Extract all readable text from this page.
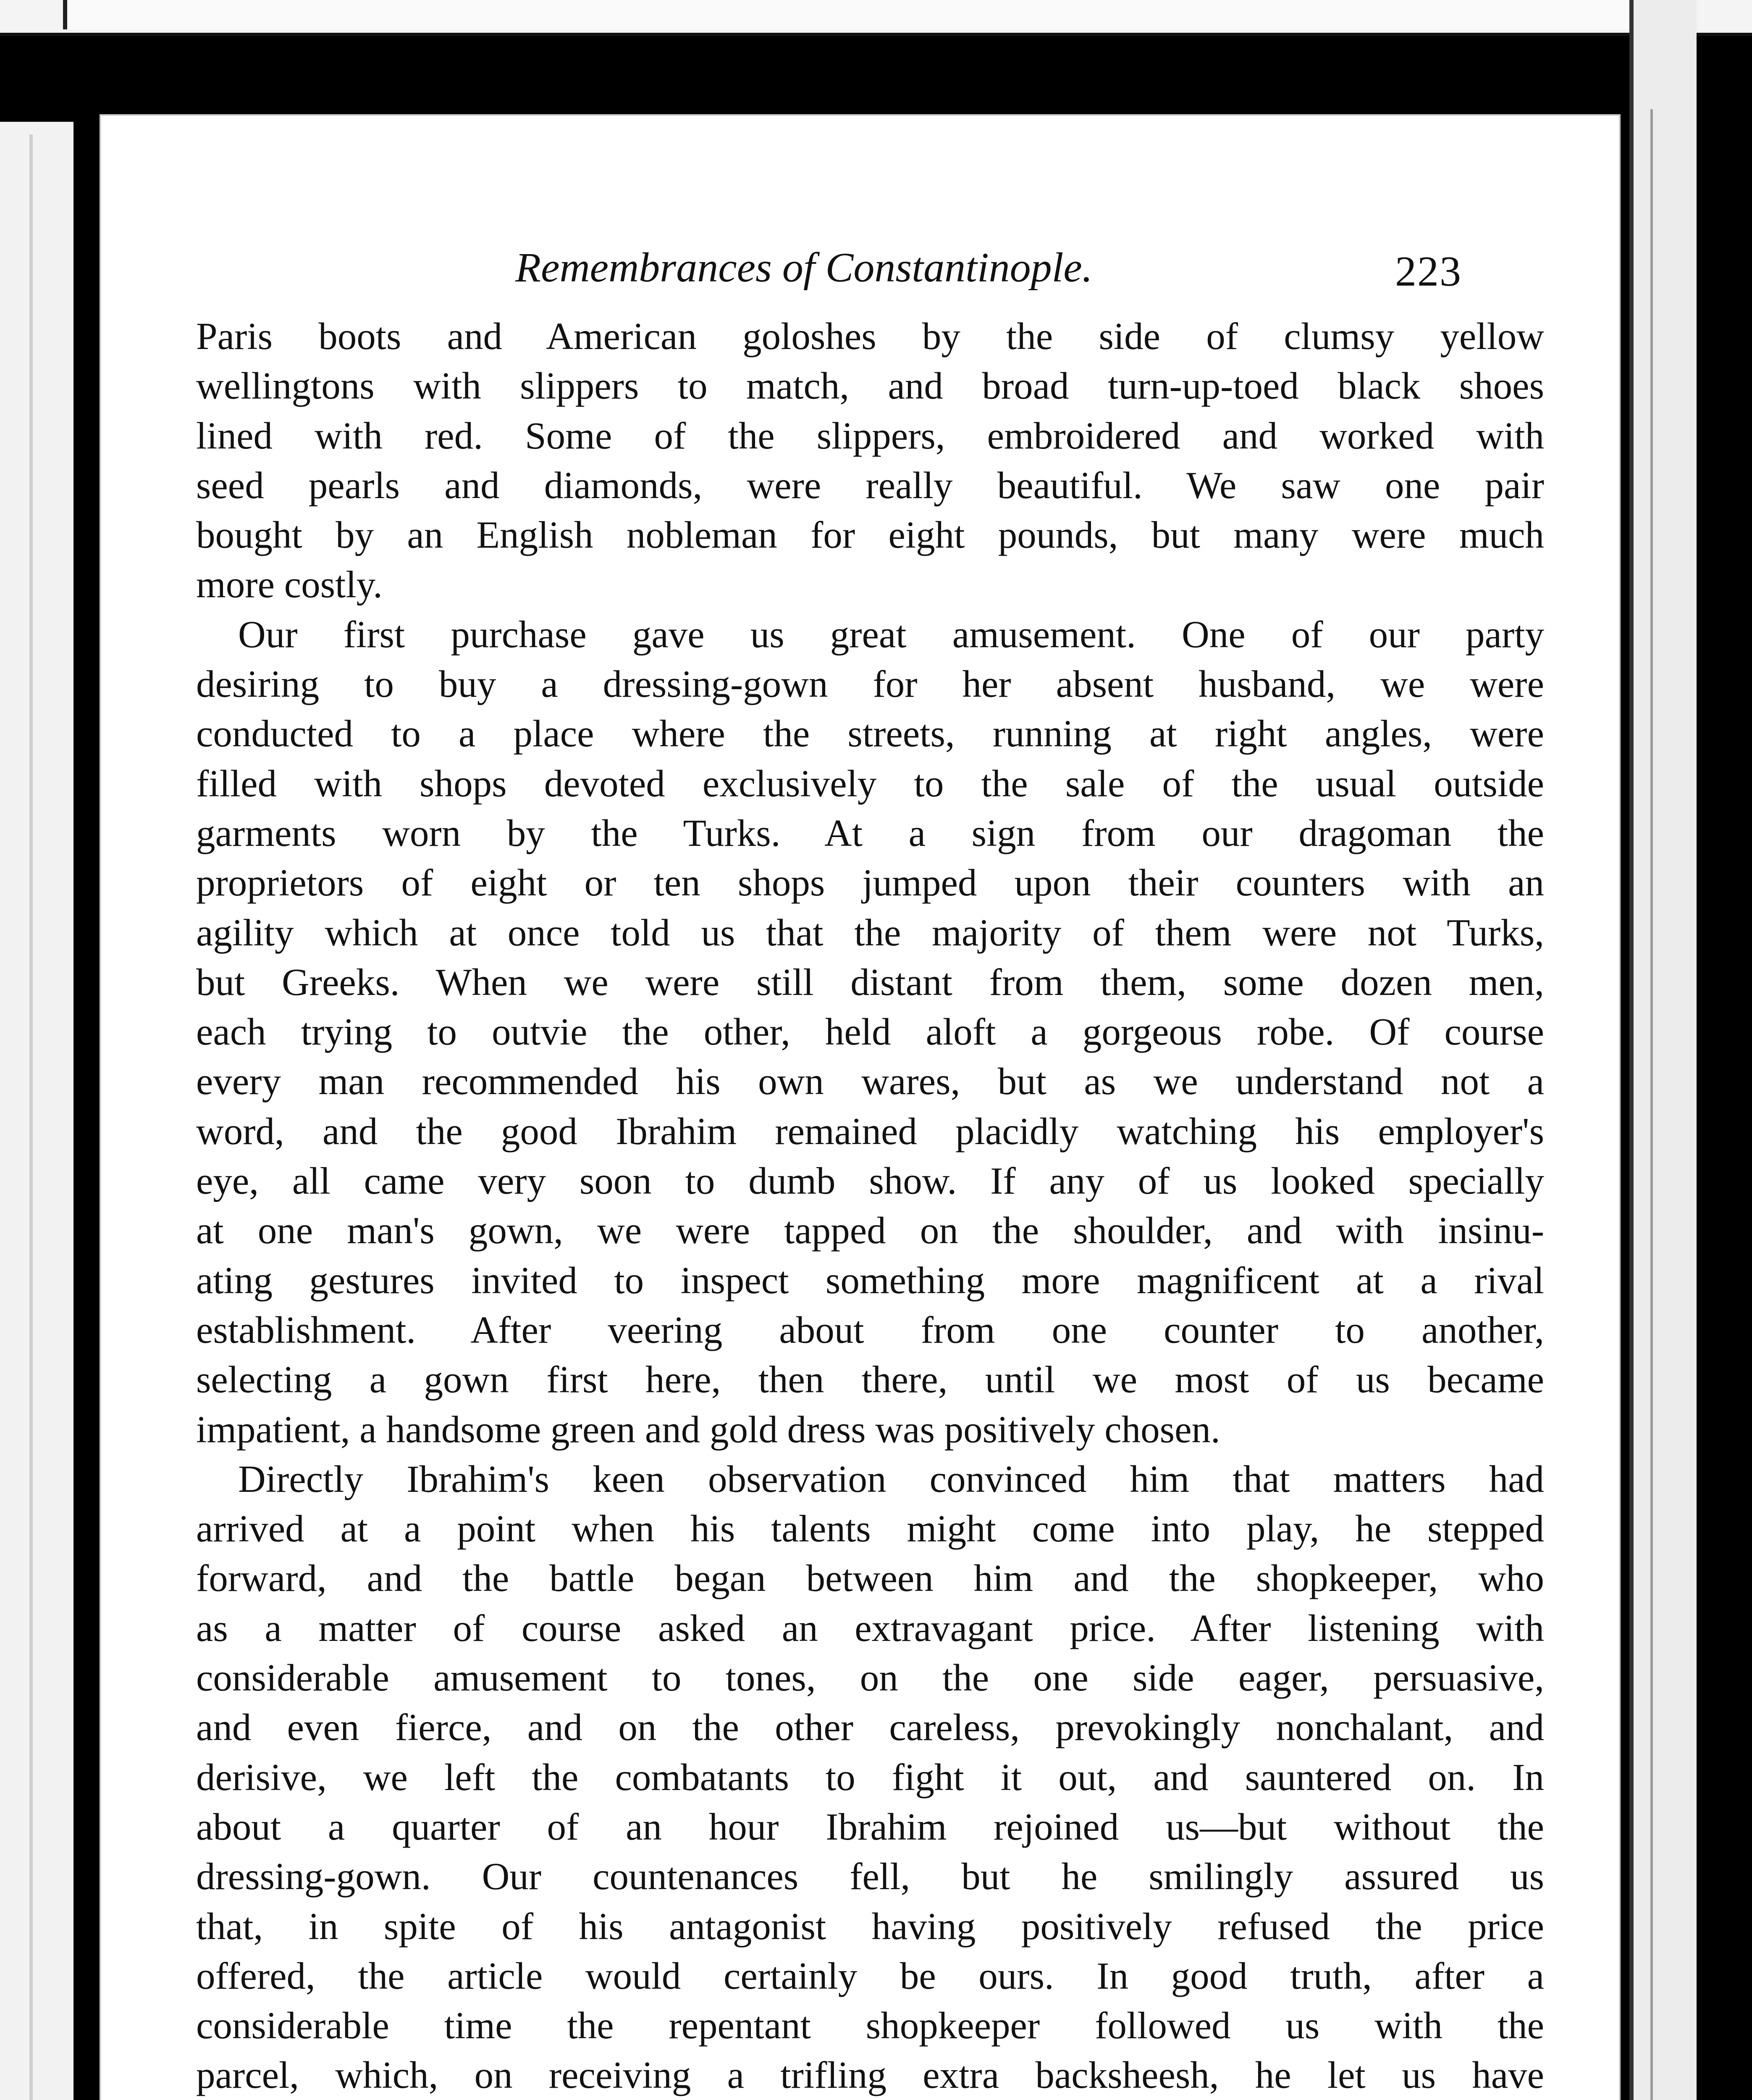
Remembrances of Constantinople.	223

Paris boots and American goloshes by the side of clumsy yellow

wellingtons with slippers to match, and broad turn-up-toed black shoes

lined with red. Some of the slippers, embroidered and worked with

seed pearls and diamonds, were really beautiful. We saw one pair

bought by an English nobleman for eight pounds, but many were much

more costly.

Our first purchase gave us great amusement. One of our party

desiring to buy a dressing-gown for her absent husband, we were

conducted to a place where the streets, running at right angles, were

filled with shops devoted exclusively to the sale of the usual outside

garments worn by the Turks. At a sign from our dragoman the

proprietors of eight or ten shops jumped upon their counters with an

agility which at once told us that the majority of them were not Turks,

but Greeks. When we were still distant from them, some dozen men,

each trying to outvie the other, held aloft a gorgeous robe. Of course

every man recommended his own wares, but as we understand not a

word, and the good Ibrahim remained placidly watching his employer's

eye, all came very soon to dumb show. If any of us looked specially

at one man's gown, we were tapped on the shoulder, and with insinu-

ating gestures invited to inspect something more magnificent at a rival

establishment. After veering about from one counter to another,

selecting a gown first here, then there, until we most of us became

impatient, a handsome green and gold dress was positively chosen.

Directly Ibrahim's keen observation convinced him that matters had

arrived at a point when his talents might come into play, he stepped

forward, and the battle began between him and the shopkeeper, who

as a matter of course asked an extravagant price. After listening with

considerable amusement to tones, on the one side eager, persuasive,

and even fierce, and on the other careless, prevokingly nonchalant, and

derisive, we left the combatants to fight it out, and sauntered on. In

about a quarter of an hour Ibrahim rejoined us—but without the

dressing-gown. Our countenances fell, but he smilingly assured us

that, in spite of his antagonist having positively refused the price

offered, the article would certainly be ours. In good truth, after a

considerable time the repentant shopkeeper followed us with the

parcel, which, on receiving a trifling extra backsheesh, he let us have
